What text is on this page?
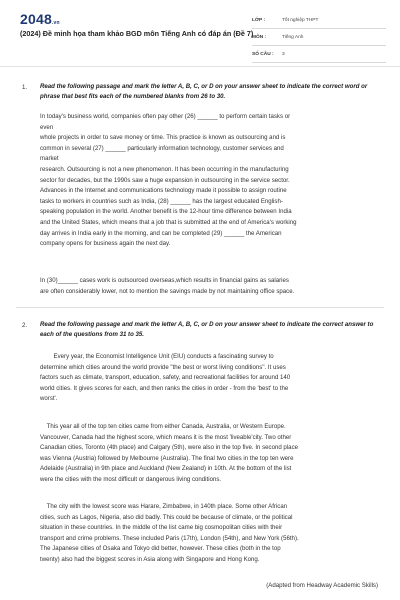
2048.vn
(2024) Đề minh họa tham khảo BGD môn Tiếng Anh có đáp án (Đề 7)
LỚP :	Tốt nghiệp THPT
MÔN :	Tiếng Anh
SỐ CÂU :	3
1. Read the following passage and mark the letter A, B, C, or D on your answer sheet to indicate the correct word or phrase that best fits each of the numbered blanks from 26 to 30.

In today's business world, companies often pay other (26) ______ to perform certain tasks or

even

whole projects in order to save money or time. This practice is known as outsourcing and is

common in several (27) ______ particularly information technology, customer services and

market

research. Outsourcing is not a new phenomenon. It has been occurring in the manufacturing

sector for decades, but the 1990s saw a huge expansion in outsourcing in the service sector.

Advances in the Internet and communications technology made it possible to assign routine

tasks to workers in countries such as India, (28) ______ has the largest educated English-

speaking population in the world. Another benefit is the 12-hour time difference between India

and the United States, which means that a job that is submitted at the end of America's working

day arrives in India early in the morning, and can be completed (29) ______ the American

company opens for business again the next day.

In (30)______ cases work is outsourced overseas,which results in financial gains as salaries

are often considerably lower, not to mention the savings made by not maintaining office space.

2. Read the following passage and mark the letter A, B, C, or D on your answer sheet to indicate the correct answer to each of the questions from 31 to 35.

Every year, the Economist Intelligence Unit (EIU) conducts a fascinating survey to

determine which cities around the world provide "the best or worst living conditions". It uses

factors such as climate, transport, education, safety, and recreational facilities for around 140

world cities. It gives scores for each, and then ranks the cities in order - from the 'best' to the

worst'.

This year all of the top ten cities came from either Canada, Australia, or Western Europe.

Vancouver, Canada had the highest score, which means it is the most 'liveable'city. Two other

Canadian cities, Toronto (4th place) and Calgary (5th), were also in the top five. In second place

was Vienna (Austria) followed by Melbourne (Australia). The final two cities in the top ten were

Adelaide (Australia) in 9th place and Auckland (New Zealand) in 10th. At the bottom of the list

were the cities with the most difficult or dangerous living conditions.

The city with the lowest score was Harare, Zimbabwe, in 140th place. Some other African

cities, such as Lagos, Nigeria, also did badly. This could be because of climate, or the political

situation in these countries. In the middle of the list came big cosmopolitan cities with their

transport and crime problems. These included Paris (17th), London (54th), and New York (56th).

The Japanese cities of Osaka and Tokyo did better, however. These cities (both in the top

twenty) also had the biggest scores in Asia along with Singapore and Hong Kong.

(Adapted from Headway Academic Skills)
